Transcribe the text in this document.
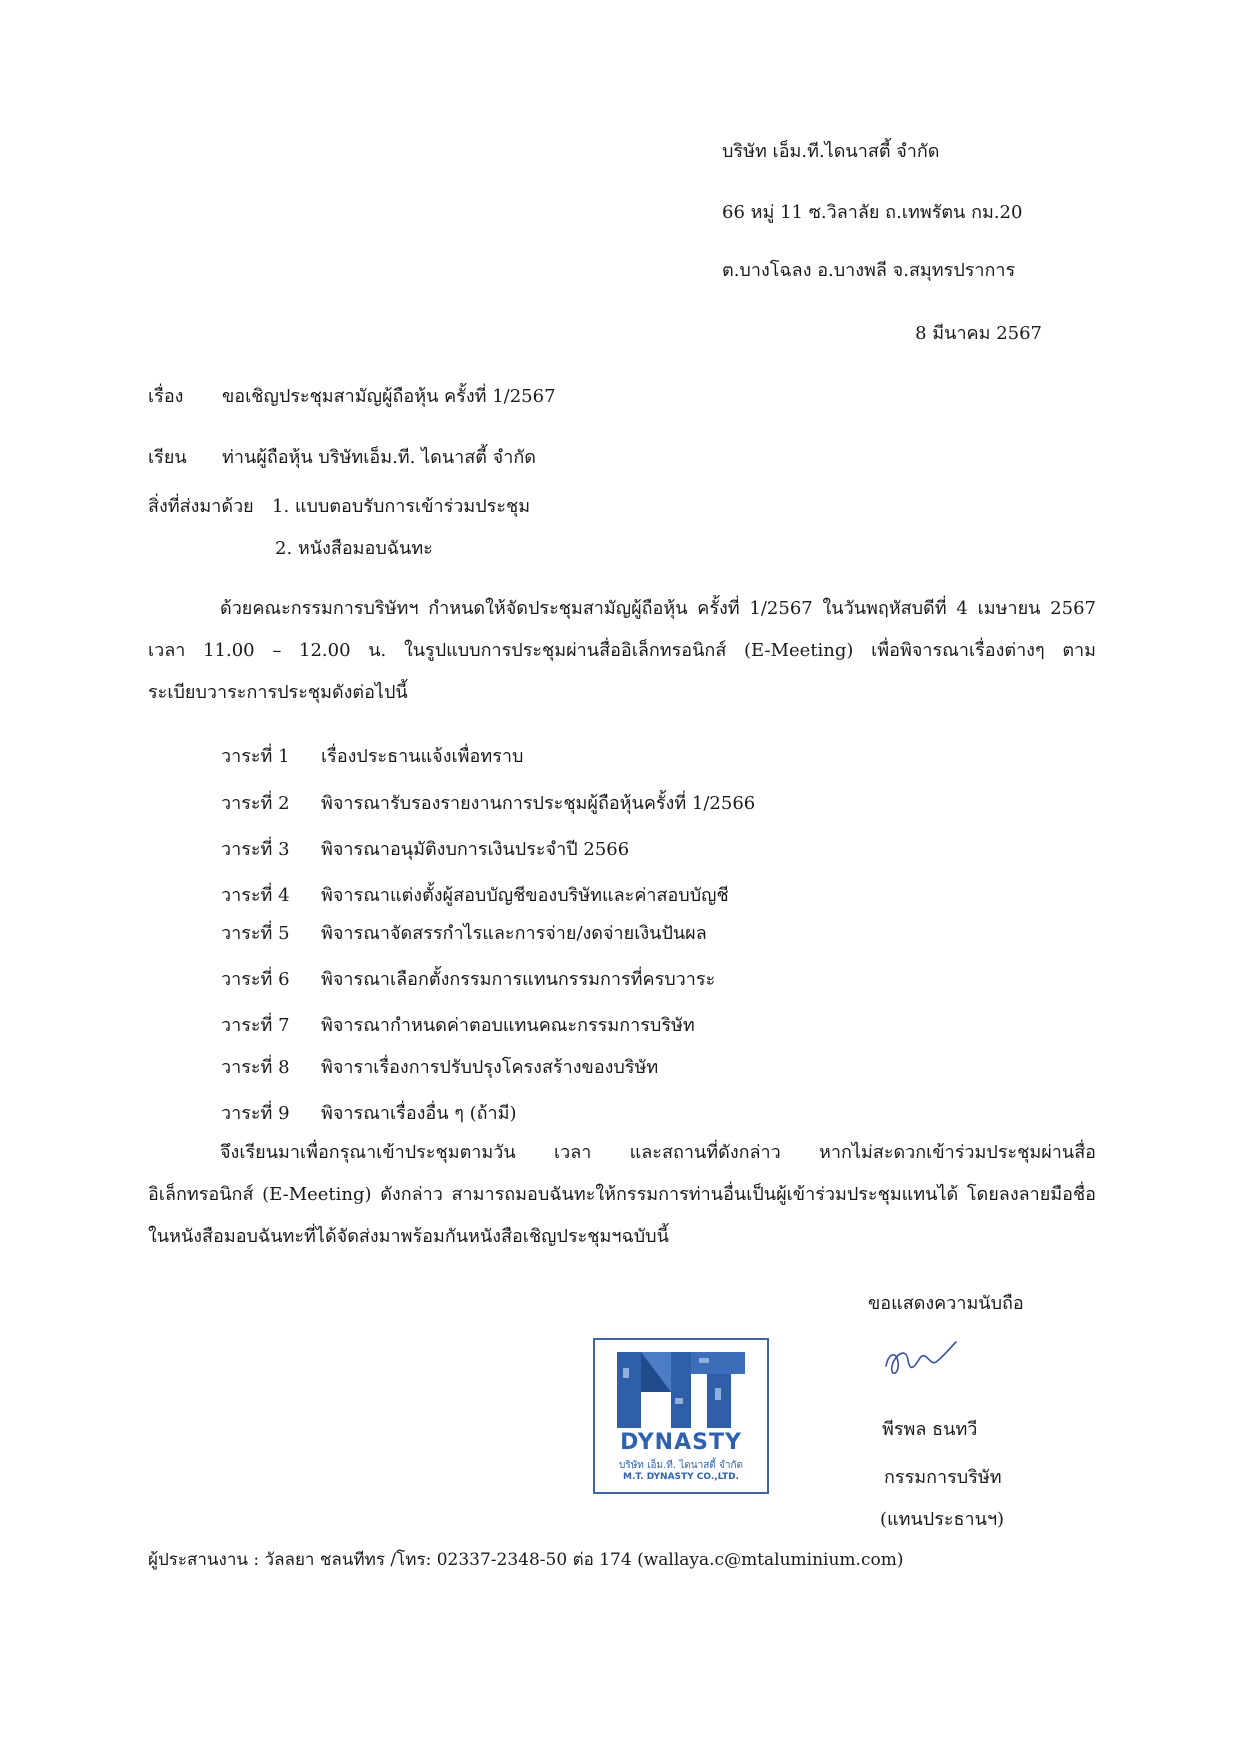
บริษัท เอ็ม.ที.ไดนาสตี้ จำกัด
66 หมู่ 11 ซ.วิลาลัย ถ.เทพรัตน กม.20
ต.บางโฉลง อ.บางพลี จ.สมุทรปราการ
8 มีนาคม 2567
เรื่อง ขอเชิญประชุมสามัญผู้ถือหุ้น ครั้งที่ 1/2567
เรียน ท่านผู้ถือหุ้น บริษัทเอ็ม.ที. ไดนาสตี้ จำกัด
สิ่งที่ส่งมาด้วย 1. แบบตอบรับการเข้าร่วมประชุม
2. หนังสือมอบฉันทะ
ด้วยคณะกรรมการบริษัทฯ กำหนดให้จัดประชุมสามัญผู้ถือหุ้น ครั้งที่ 1/2567 ในวันพฤหัสบดีที่ 4 เมษายน 2567 เวลา 11.00 – 12.00 น. ในรูปแบบการประชุมผ่านสื่ออิเล็กทรอนิกส์ (E-Meeting) เพื่อพิจารณาเรื่องต่างๆ ตามระเบียบวาระการประชุมดังต่อไปนี้
วาระที่ 1	เรื่องประธานแจ้งเพื่อทราบ
วาระที่ 2	พิจารณารับรองรายงานการประชุมผู้ถือหุ้นครั้งที่ 1/2566
วาระที่ 3	พิจารณาอนุมัติงบการเงินประจำปี 2566
วาระที่ 4	พิจารณาแต่งตั้งผู้สอบบัญชีของบริษัทและค่าสอบบัญชี
วาระที่ 5	พิจารณาจัดสรรกำไรและการจ่าย/งดจ่ายเงินปันผล
วาระที่ 6	พิจารณาเลือกตั้งกรรมการแทนกรรมการที่ครบวาระ
วาระที่ 7	พิจารณากำหนดค่าตอบแทนคณะกรรมการบริษัท
วาระที่ 8	พิจาราเรื่องการปรับปรุงโครงสร้างของบริษัท
วาระที่ 9	พิจารณาเรื่องอื่น ๆ (ถ้ามี)
จึงเรียนมาเพื่อกรุณาเข้าประชุมตามวัน เวลา และสถานที่ดังกล่าว หากไม่สะดวกเข้าร่วมประชุมผ่านสื่ออิเล็กทรอนิกส์ (E-Meeting) ดังกล่าว สามารถมอบฉันทะให้กรรมการท่านอื่นเป็นผู้เข้าร่วมประชุมแทนได้ โดยลงลายมือชื่อในหนังสือมอบฉันทะที่ได้จัดส่งมาพร้อมกันหนังสือเชิญประชุมฯฉบับนี้
ขอแสดงความนับถือ
พีรพล ธนทวี
กรรมการบริษัท
(แทนประธานฯ)
DYNASTY
บริษัท เอ็ม.ที. ไดนาสตี้ จำกัด
M.T. DYNASTY CO.,LTD.
ผู้ประสานงาน : วัลลยา ชลนทีทร /โทร: 02337-2348-50 ต่อ 174 (wallaya.c@mtaluminium.com)
